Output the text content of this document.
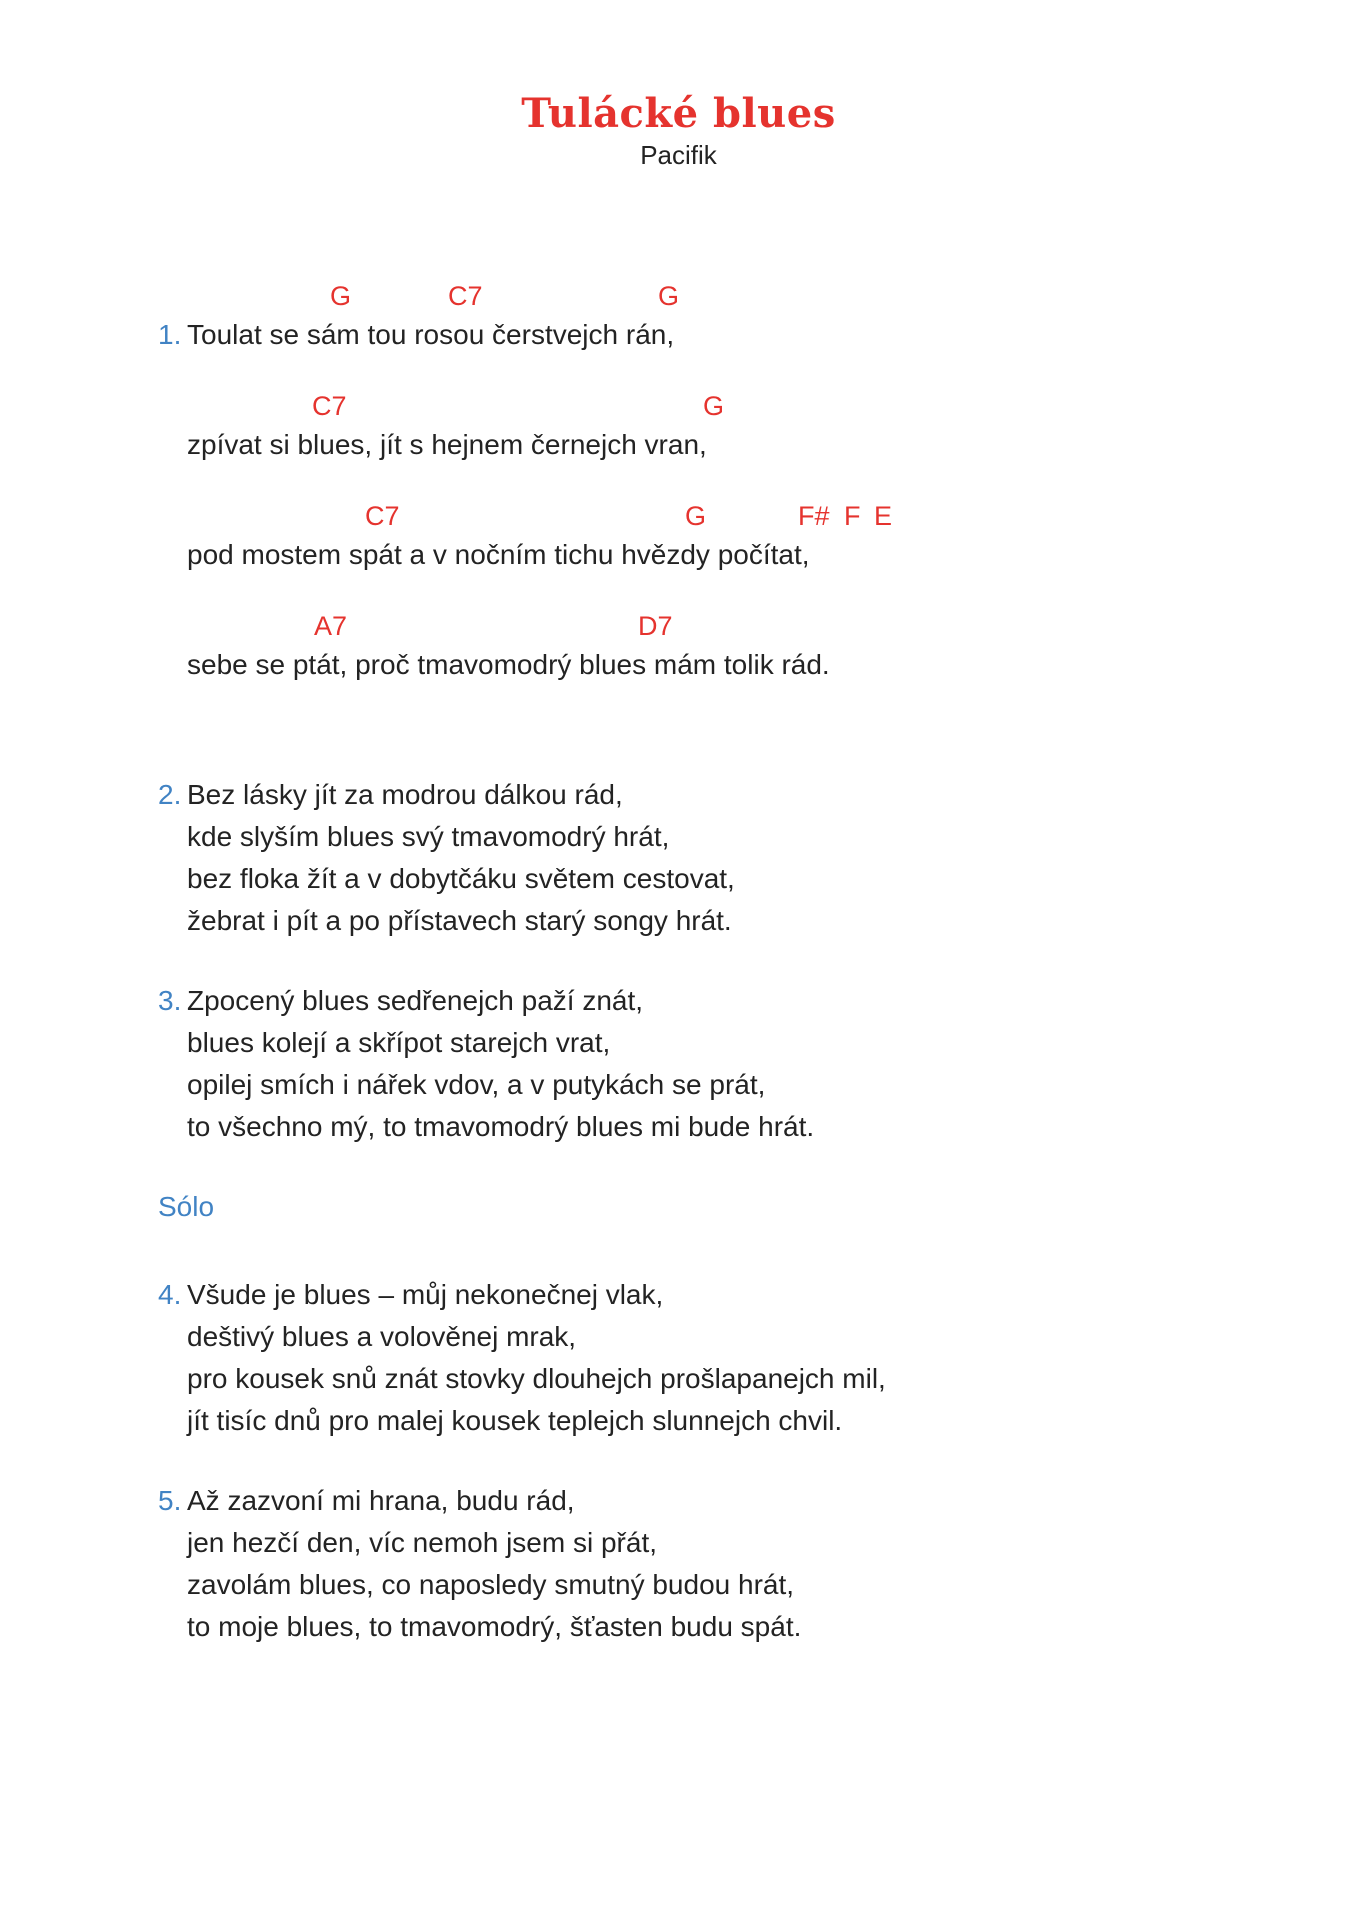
Tulácké blues
Pacifik
G	C7	G
1. Toulat se sám tou rosou čerstvejch rán,
C7	G
zpívat si blues, jít s hejnem černejch vran,
C7	G	F# F E
pod mostem spát a v nočním tichu hvězdy počítat,
A7	D7
sebe se ptát, proč tmavomodrý blues mám tolik rád.
2. Bez lásky jít za modrou dálkou rád,
kde slyším blues svý tmavomodrý hrát,
bez floka žít a v dobytčáku světem cestovat,
žebrat i pít a po přístavech starý songy hrát.
3. Zpocený blues sedřenejch paží znát,
blues kolejí a skřípot starejch vrat,
opilej smích i nářek vdov, a v putykách se prát,
to všechno mý, to tmavomodrý blues mi bude hrát.
Sólo
4. Všude je blues – můj nekonečnej vlak,
deštivý blues a volověnej mrak,
pro kousek snů znát stovky dlouhejch prošlapanejch mil,
jít tisíc dnů pro malej kousek teplejch slunnejch chvil.
5. Až zazvoní mi hrana, budu rád,
jen hezčí den, víc nemoh jsem si přát,
zavolám blues, co naposledy smutný budou hrát,
to moje blues, to tmavomodrý, šťasten budu spát.
